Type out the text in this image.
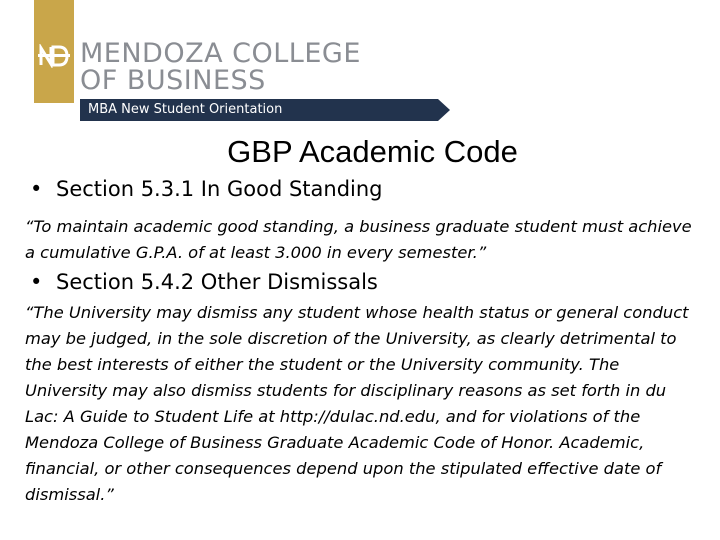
MENDOZA COLLEGE
OF BUSINESS
MBA New Student Orientation
GBP Academic Code
• Section 5.3.1 In Good Standing

“To maintain academic good standing, a business graduate student must achieve a cumulative G.P.A. of at least 3.000 in every semester.”

• Section 5.4.2 Other Dismissals

“The University may dismiss any student whose health status or general conduct may be judged, in the sole discretion of the University, as clearly detrimental to the best interests of either the student or the University community. The University may also dismiss students for disciplinary reasons as set forth in du Lac: A Guide to Student Life at http://dulac.nd.edu, and for violations of the Mendoza College of Business Graduate Academic Code of Honor. Academic, financial, or other consequences depend upon the stipulated effective date of dismissal.”
